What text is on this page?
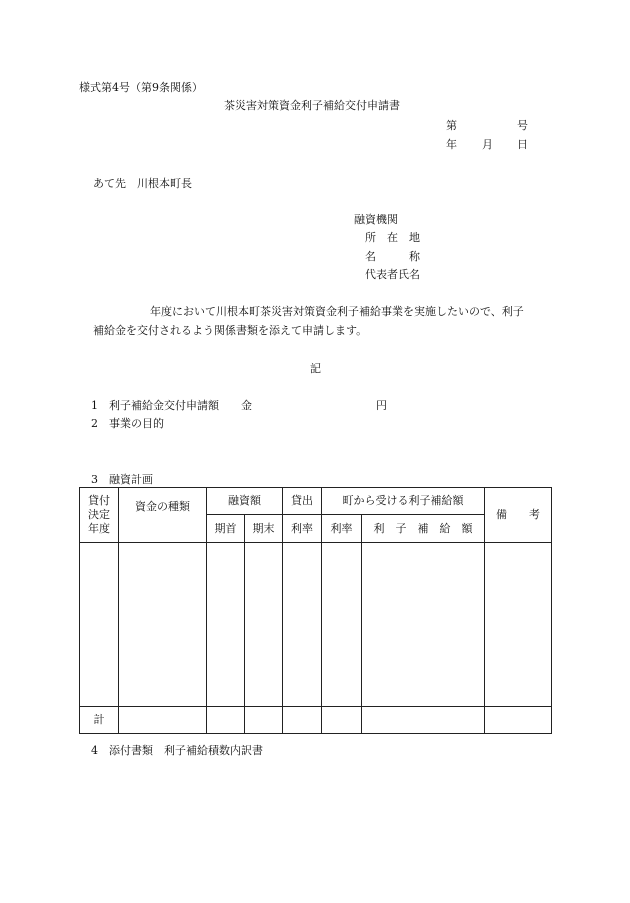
様式第4号（第9条関係）
茶災害対策資金利子補給交付申請書
第	号
年 月 日
あて先　川根本町長
融資機関
所　在　地
名　　　称
代表者氏名
年度において川根本町茶災害対策資金利子補給事業を実施したいので、利子
補給金を交付されるよう関係書類を添えて申請します。
記
1　利子補給金交付申請額　　金	円
2　事業の目的
3　融資計画
貸付
決定
年度	資金の種類	融資額		貸出	町から受ける利子補給額		備　　考
		期首	期末	利率	利率	利　子　補　給　額	

計							
4　添付書類　利子補給積数内訳書
